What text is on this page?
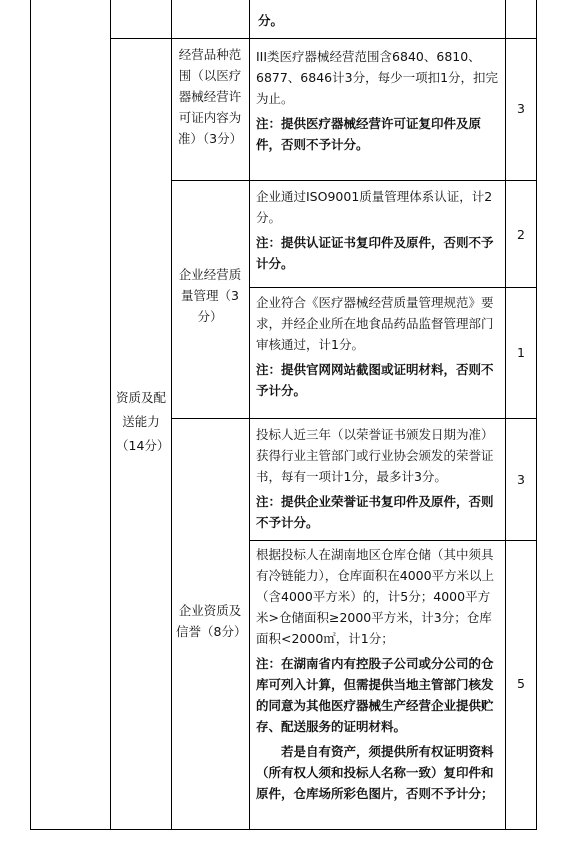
分。
资质及配送能力（14分）
经营品种范围（以医疗器械经营许可证内容为准）（3分）
III类医疗器械经营范围含6840、6810、6877、6846计3分，每少一项扣1分，扣完为止。
注：提供医疗器械经营许可证复印件及原件，否则不予计分。
3
企业经营质量管理（3分）
企业通过ISO9001质量管理体系认证，计2分。
注：提供认证证书复印件及原件，否则不予计分。
2
企业符合《医疗器械经营质量管理规范》要求，并经企业所在地食品药品监督管理部门审核通过，计1分。
注：提供官网网站截图或证明材料，否则不予计分。
1
企业资质及信誉（8分）
投标人近三年（以荣誉证书颁发日期为准）获得行业主管部门或行业协会颁发的荣誉证书，每有一项计1分，最多计3分。
注：提供企业荣誉证书复印件及原件，否则不予计分。
3
根据投标人在湖南地区仓库仓储（其中须具有冷链能力），仓库面积在4000平方米以上（含4000平方米）的，计5分；4000平方米>仓储面积≥2000平方米，计3分；仓库面积<2000㎡，计1分；
注：在湖南省内有控股子公司或分公司的仓库可列入计算，但需提供当地主管部门核发的同意为其他医疗器械生产经营企业提供贮存、配送服务的证明材料。
若是自有资产，须提供所有权证明资料（所有权人须和投标人名称一致）复印件和原件，仓库场所彩色图片，否则不予计分；
5
